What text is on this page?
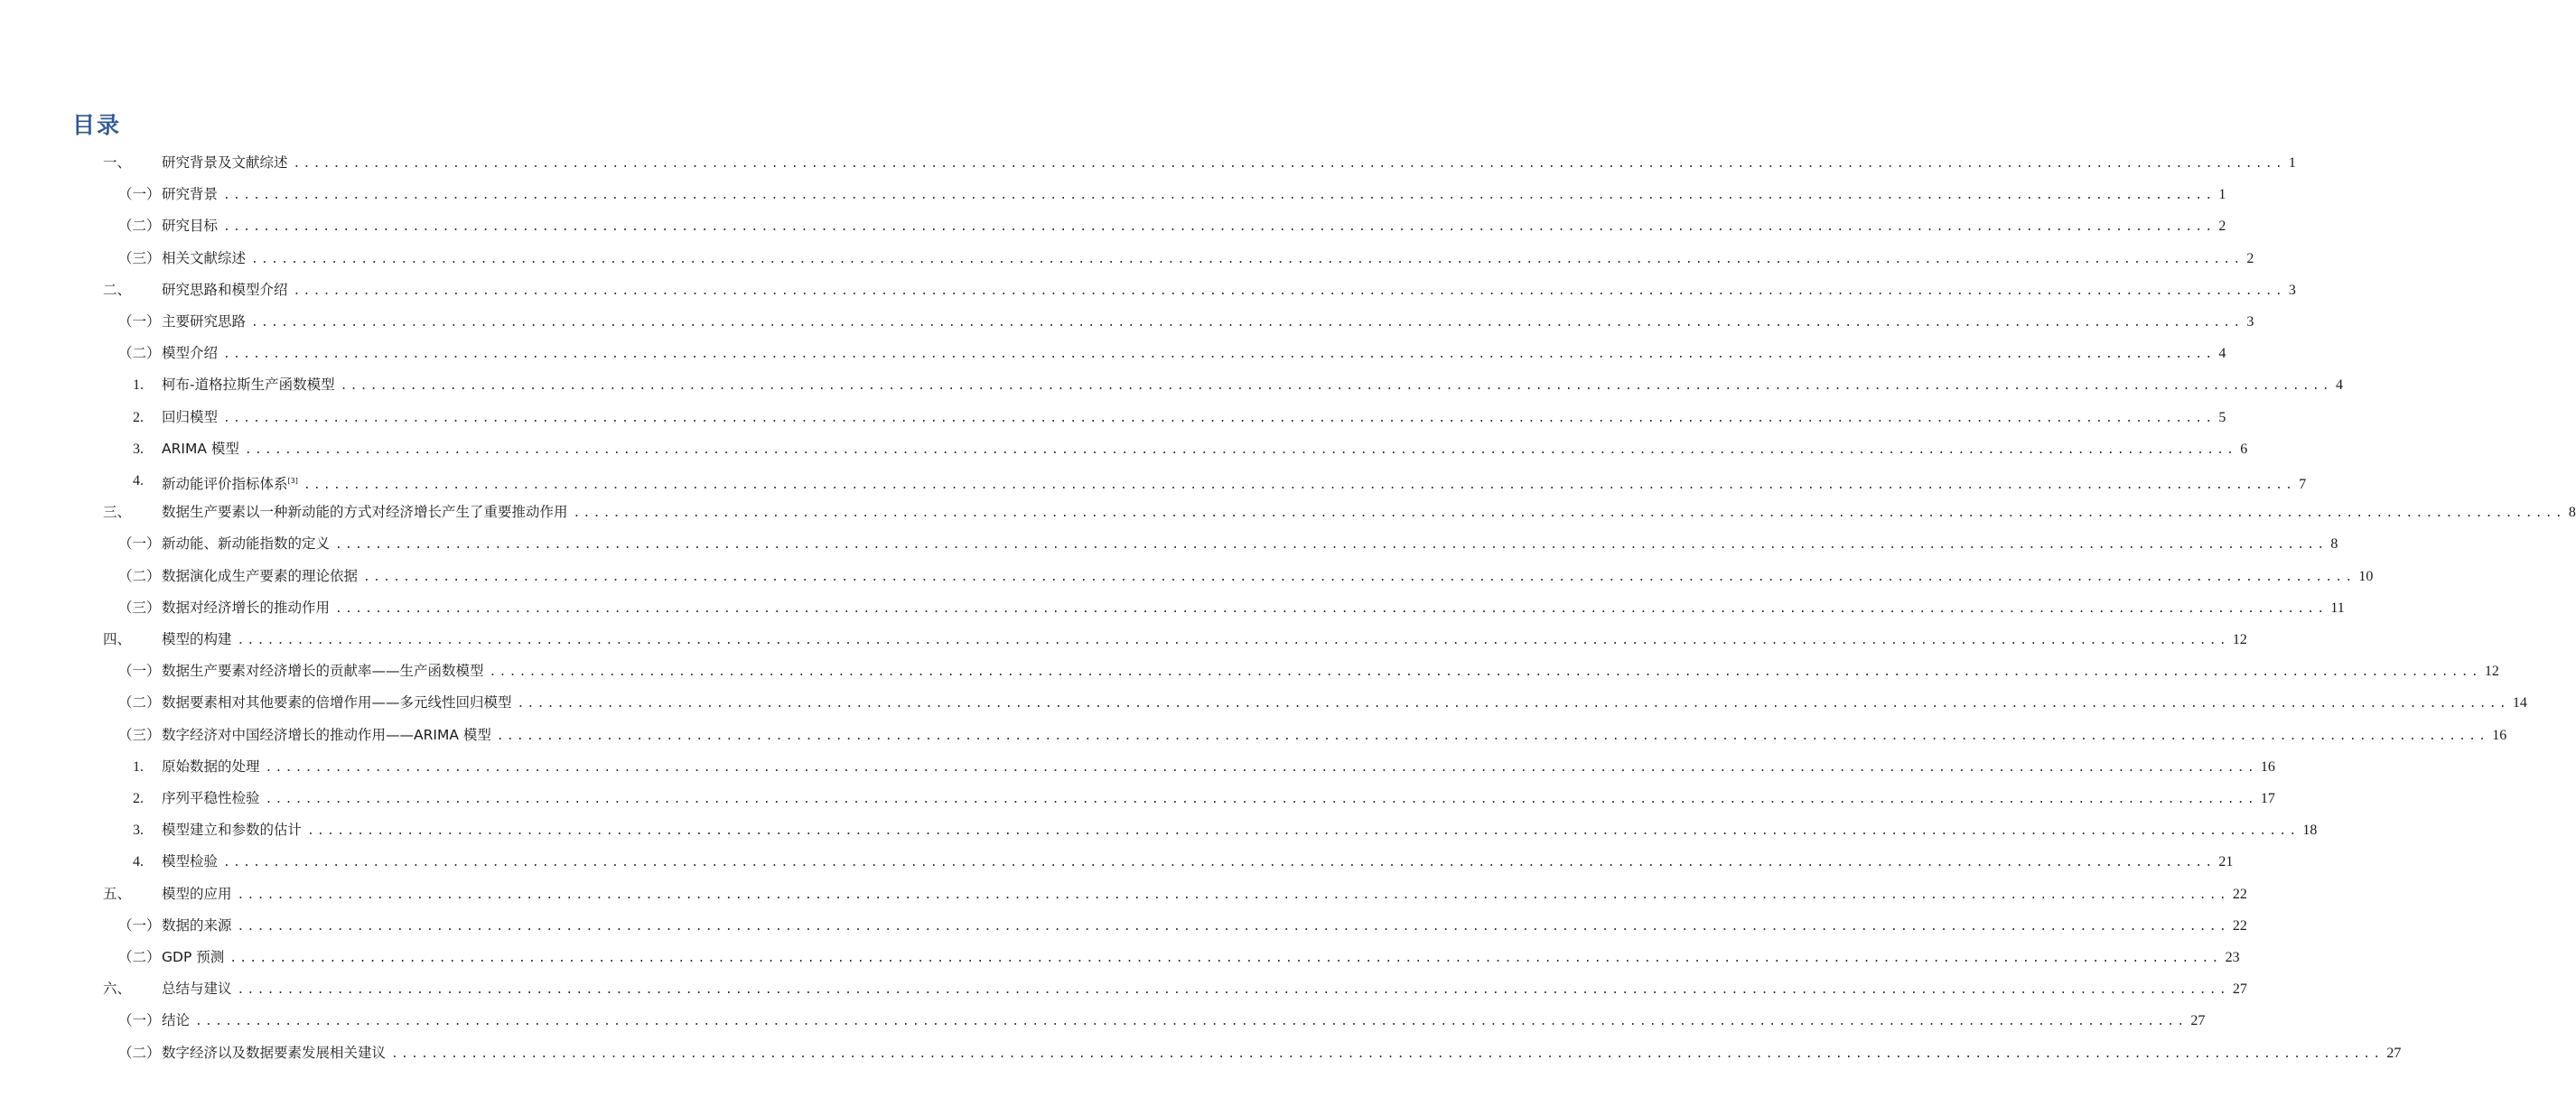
目录
一、 研究背景及文献综述 ........................................................................................................................................................................................................ 1
（一） 研究背景 ........................................................................................................................................................................................................ 1
（二） 研究目标 ........................................................................................................................................................................................................ 2
（三） 相关文献综述 ........................................................................................................................................................................................................ 2
二、 研究思路和模型介绍 ........................................................................................................................................................................................................ 3
（一） 主要研究思路 ........................................................................................................................................................................................................ 3
（二） 模型介绍 ........................................................................................................................................................................................................ 4
1. 柯布-道格拉斯生产函数模型 ........................................................................................................................................................................................................ 4
2. 回归模型 ........................................................................................................................................................................................................ 5
3. ARIMA 模型 ........................................................................................................................................................................................................ 6
4. 新动能评价指标体系[3] ........................................................................................................................................................................................................ 7
三、 数据生产要素以一种新动能的方式对经济增长产生了重要推动作用 ........................................................................................................................................................................................................ 8
（一） 新动能、新动能指数的定义 ........................................................................................................................................................................................................ 8
（二） 数据演化成生产要素的理论依据 ........................................................................................................................................................................................................ 10
（三） 数据对经济增长的推动作用 ........................................................................................................................................................................................................ 11
四、 模型的构建 ........................................................................................................................................................................................................ 12
（一） 数据生产要素对经济增长的贡献率——生产函数模型 ........................................................................................................................................................................................................ 12
（二） 数据要素相对其他要素的倍增作用——多元线性回归模型 ........................................................................................................................................................................................................ 14
（三） 数字经济对中国经济增长的推动作用——ARIMA 模型 ........................................................................................................................................................................................................ 16
1. 原始数据的处理 ........................................................................................................................................................................................................ 16
2. 序列平稳性检验 ........................................................................................................................................................................................................ 17
3. 模型建立和参数的估计 ........................................................................................................................................................................................................ 18
4. 模型检验 ........................................................................................................................................................................................................ 21
五、 模型的应用 ........................................................................................................................................................................................................ 22
（一） 数据的来源 ........................................................................................................................................................................................................ 22
（二） GDP 预测 ........................................................................................................................................................................................................ 23
六、 总结与建议 ........................................................................................................................................................................................................ 27
（一） 结论 ........................................................................................................................................................................................................ 27
（二） 数字经济以及数据要素发展相关建议 ........................................................................................................................................................................................................ 27
